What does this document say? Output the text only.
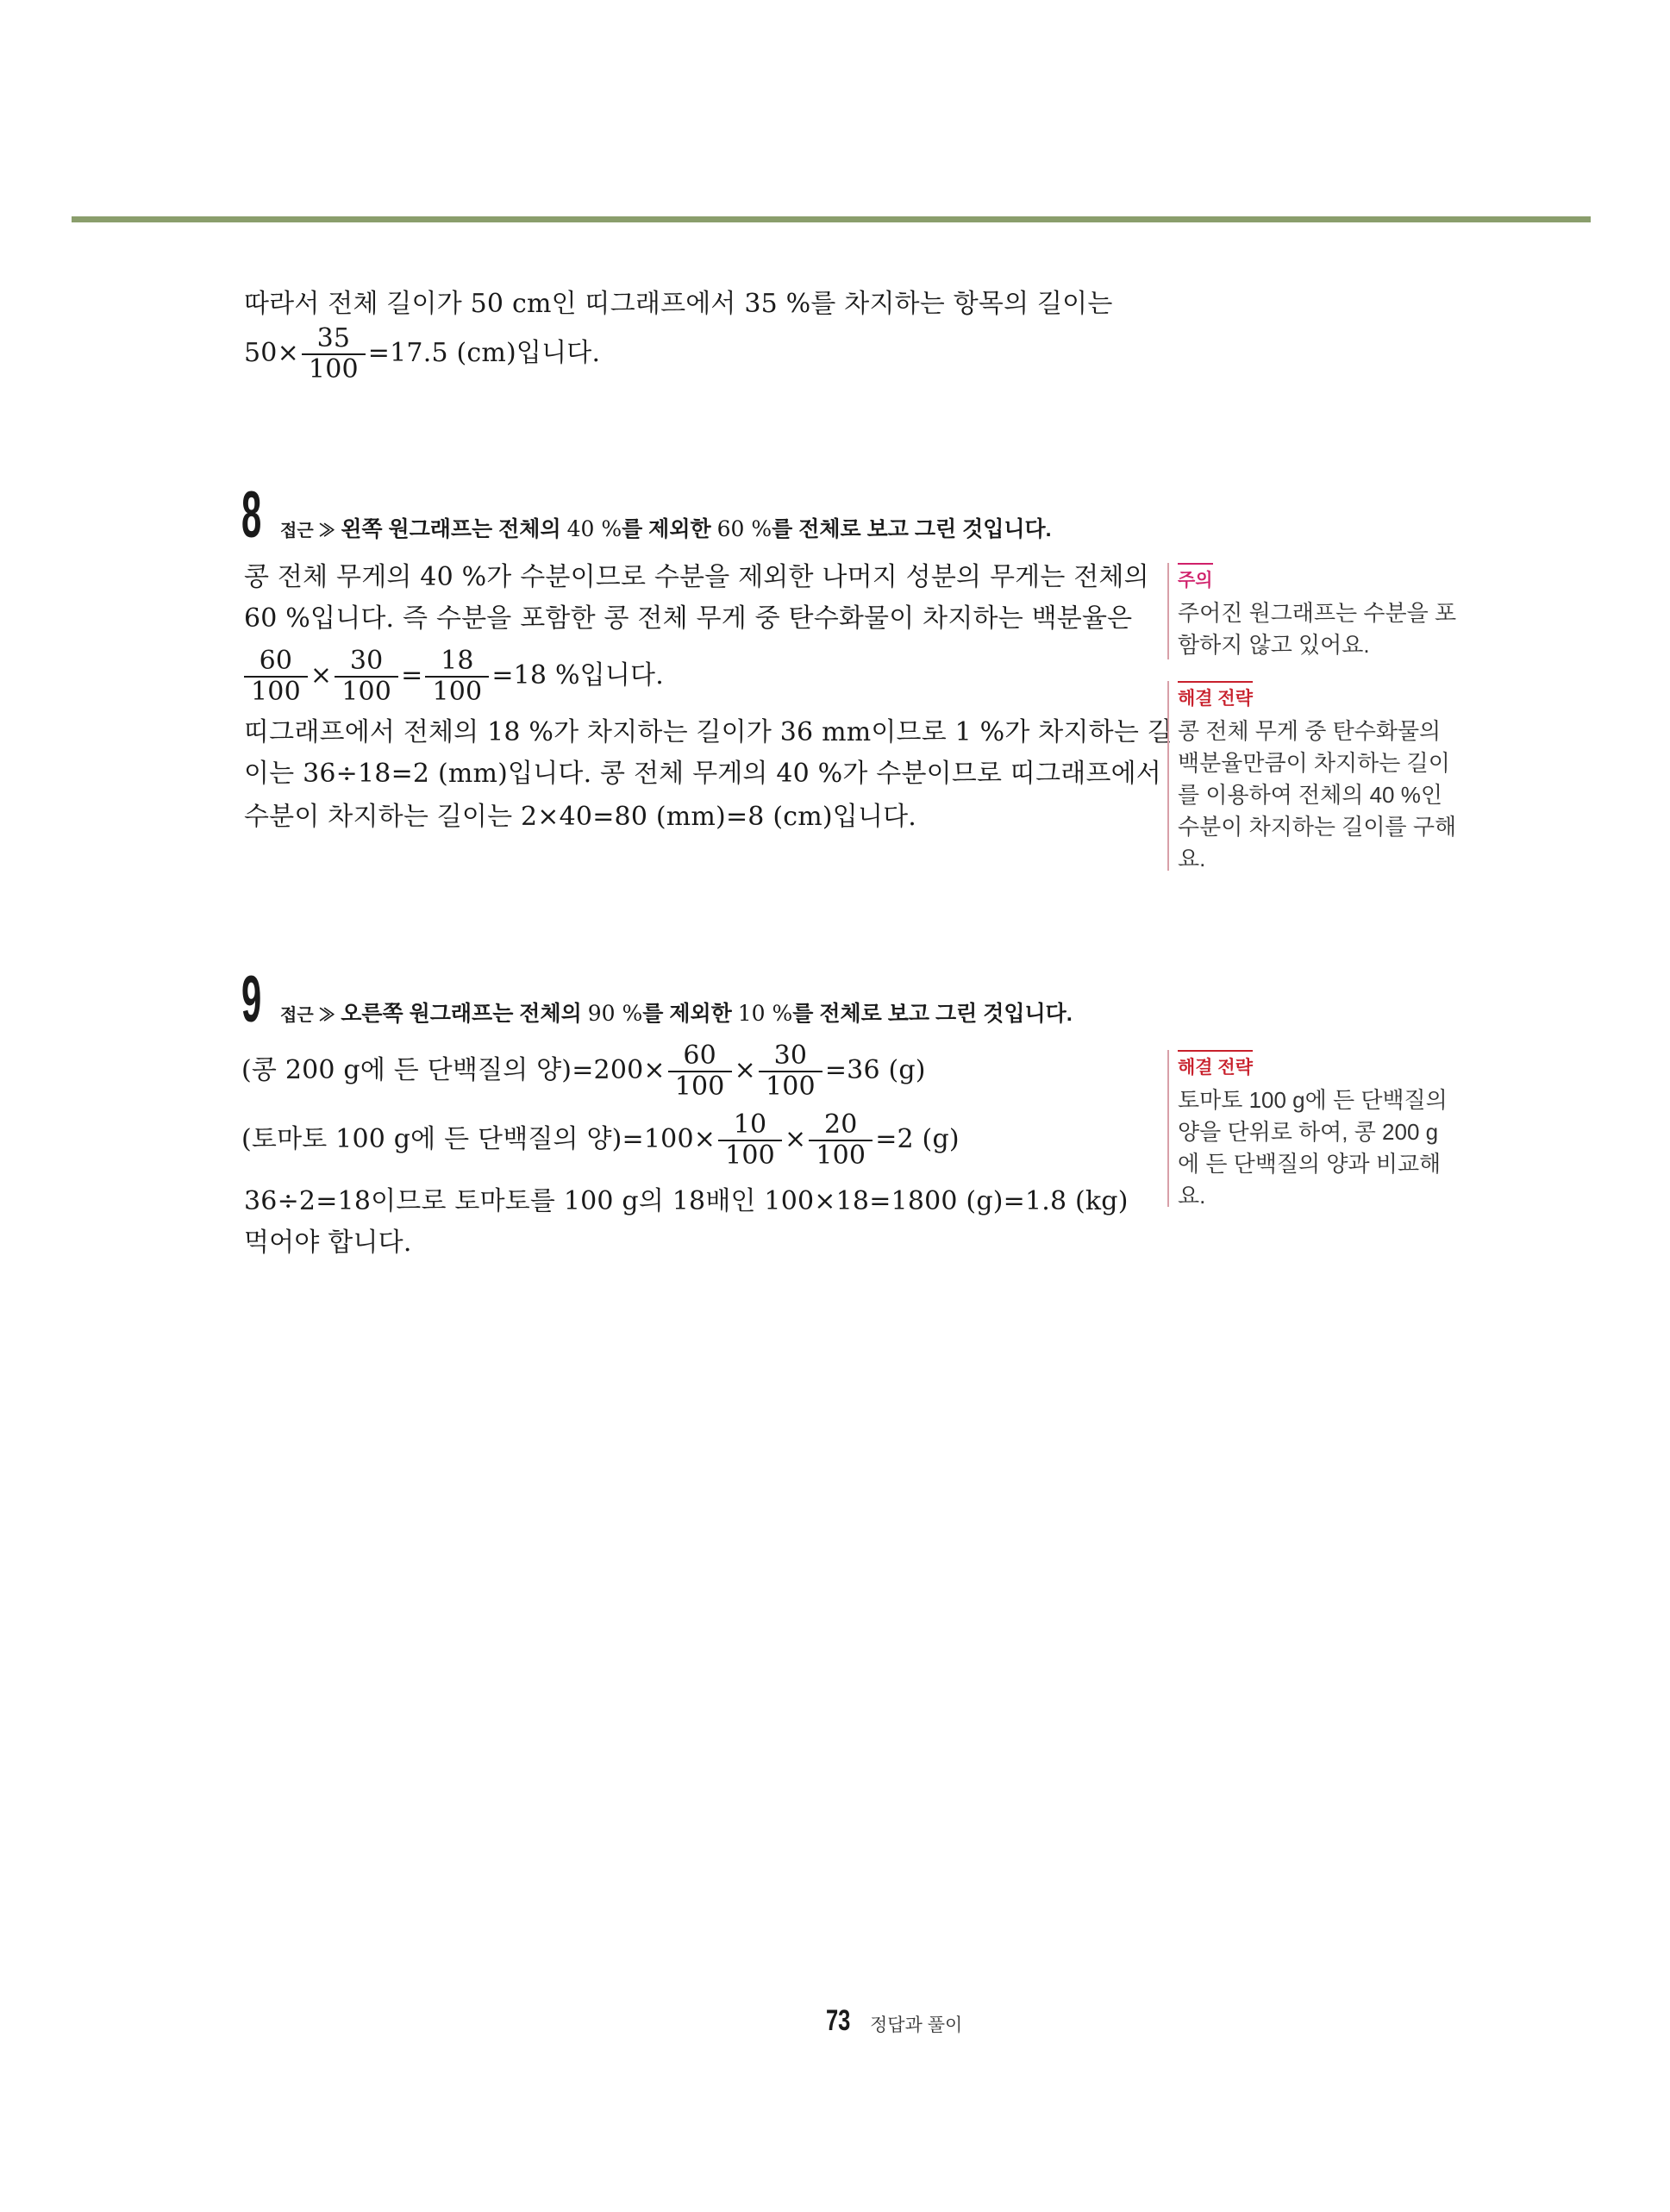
따라서 전체 길이가 50 cm인 띠그래프에서 35 %를 차지하는 항목의 길이는
$50\times \frac{35}{100} =17.5$ (cm)입니다.
8 접근 ≫ 왼쪽 원그래프는 전체의 40 %를 제외한 60 %를 전체로 보고 그린 것입니다.
콩 전체 무게의 40 %가 수분이므로 수분을 제외한 나머지 성분의 무게는 전체의
60 %입니다. 즉 수분을 포함한 콩 전체 무게 중 탄수화물이 차지하는 백분율은
$\frac{60}{100} \times \frac{30}{100} = \frac{18}{100} =18$ %입니다.
띠그래프에서 전체의 18 %가 차지하는 길이가 36 mm이므로 1 %가 차지하는 길
이는 36÷18=2 (mm)입니다. 콩 전체 무게의 40 %가 수분이므로 띠그래프에서
수분이 차지하는 길이는 2×40=80 (mm)=8 (cm)입니다.
주의
주어진 원그래프는 수분을 포
함하지 않고 있어요.
해결 전략
콩 전체 무게 중 탄수화물의
백분율만큼이 차지하는 길이
를 이용하여 전체의 40 %인
수분이 차지하는 길이를 구해
요.
9 접근 ≫ 오른쪽 원그래프는 전체의 90 %를 제외한 10 %를 전체로 보고 그린 것입니다.
(콩 200 g에 든 단백질의 양)$=200\times \frac{60}{100} \times \frac{30}{100} =36$ (g)
(토마토 100 g에 든 단백질의 양)$=100\times \frac{10}{100} \times \frac{20}{100} =2$ (g)
36÷2=18이므로 토마토를 100 g의 18배인 100×18=1800 (g)=1.8 (kg)
먹어야 합니다.
해결 전략
토마토 100 g에 든 단백질의
양을 단위로 하여, 콩 200 g
에 든 단백질의 양과 비교해
요.
73 정답과 풀이
